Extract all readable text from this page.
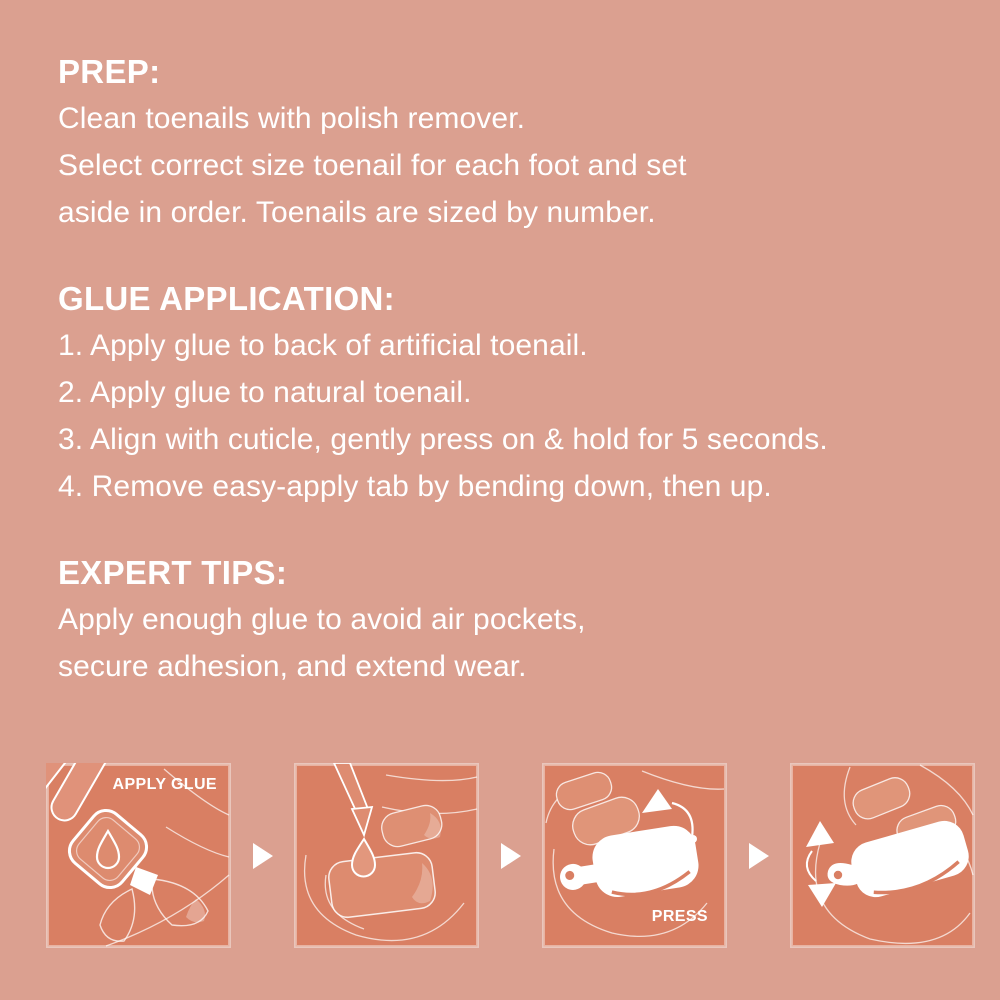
PREP:

Clean toenails with polish remover.

Select correct size toenail for each foot and set

aside in order. Toenails are sized by number.

GLUE APPLICATION:

1. Apply glue to back of artificial toenail.

2. Apply glue to natural toenail.

3. Align with cuticle, gently press on & hold for 5 seconds.

4. Remove easy-apply tab by bending down, then up.

EXPERT TIPS:

Apply enough glue to avoid air pockets,

secure adhesion, and extend wear.

APPLY GLUE
PRESS
